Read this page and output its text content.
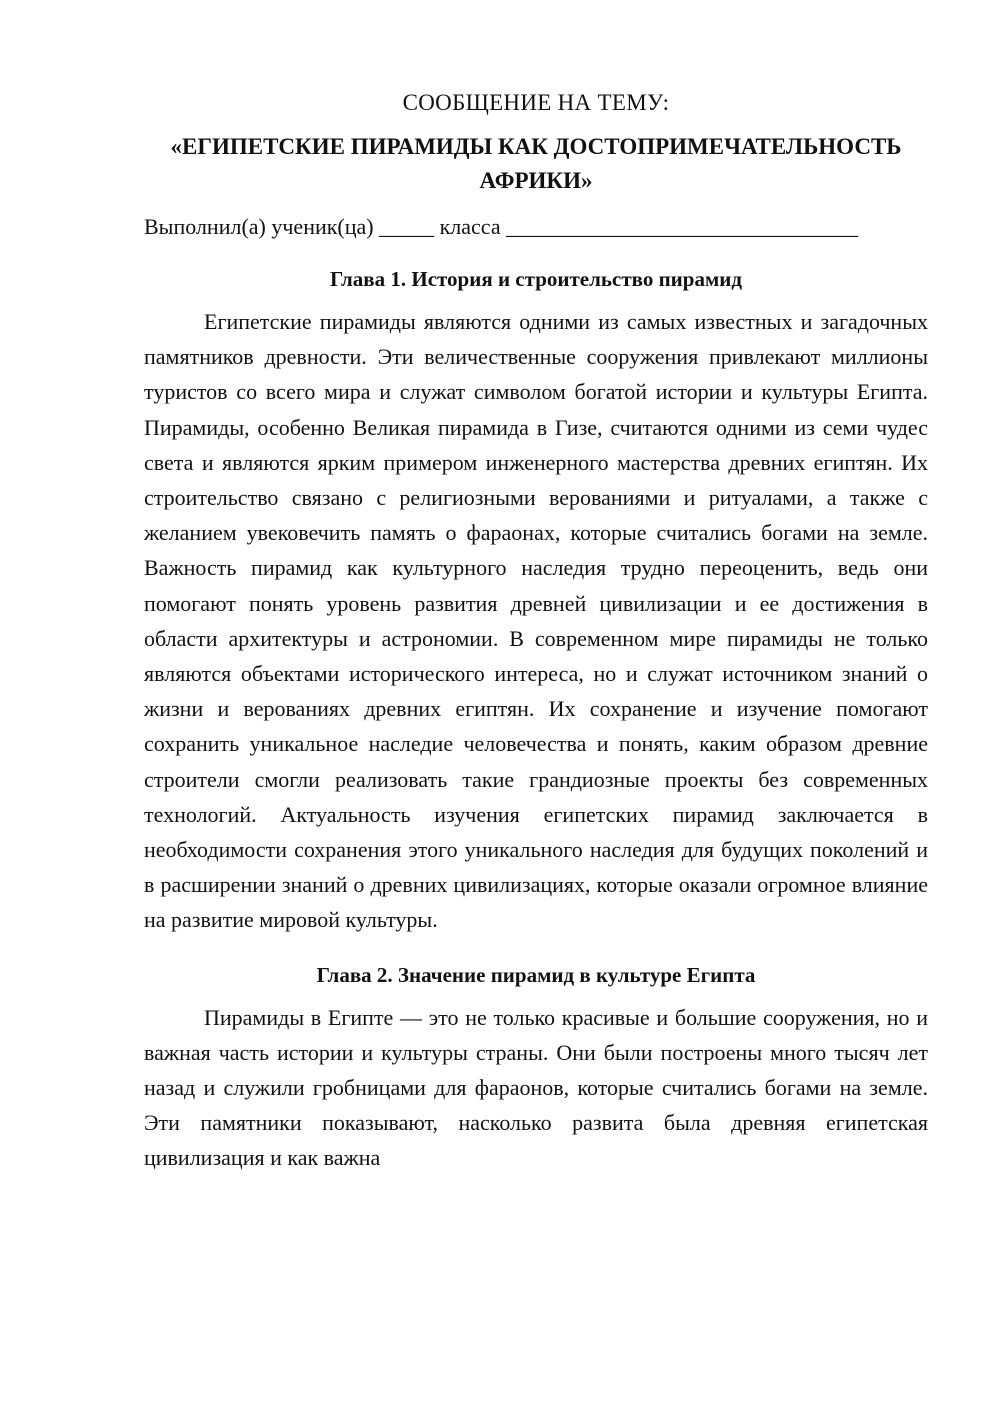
СООБЩЕНИЕ НА ТЕМУ:
«ЕГИПЕТСКИЕ ПИРАМИДЫ КАК ДОСТОПРИМЕЧАТЕЛЬНОСТЬ АФРИКИ»
Выполнил(а) ученик(ца) _____ класса ________________________________
Глава 1. История и строительство пирамид
Египетские пирамиды являются одними из самых известных и загадочных памятников древности. Эти величественные сооружения привлекают миллионы туристов со всего мира и служат символом богатой истории и культуры Египта. Пирамиды, особенно Великая пирамида в Гизе, считаются одними из семи чудес света и являются ярким примером инженерного мастерства древних египтян. Их строительство связано с религиозными верованиями и ритуалами, а также с желанием увековечить память о фараонах, которые считались богами на земле. Важность пирамид как культурного наследия трудно переоценить, ведь они помогают понять уровень развития древней цивилизации и ее достижения в области архитектуры и астрономии. В современном мире пирамиды не только являются объектами исторического интереса, но и служат источником знаний о жизни и верованиях древних египтян. Их сохранение и изучение помогают сохранить уникальное наследие человечества и понять, каким образом древние строители смогли реализовать такие грандиозные проекты без современных технологий. Актуальность изучения египетских пирамид заключается в необходимости сохранения этого уникального наследия для будущих поколений и в расширении знаний о древних цивилизациях, которые оказали огромное влияние на развитие мировой культуры.
Глава 2. Значение пирамид в культуре Египта
Пирамиды в Египте — это не только красивые и большие сооружения, но и важная часть истории и культуры страны. Они были построены много тысяч лет назад и служили гробницами для фараонов, которые считались богами на земле. Эти памятники показывают, насколько развита была древняя египетская цивилизация и как важна
